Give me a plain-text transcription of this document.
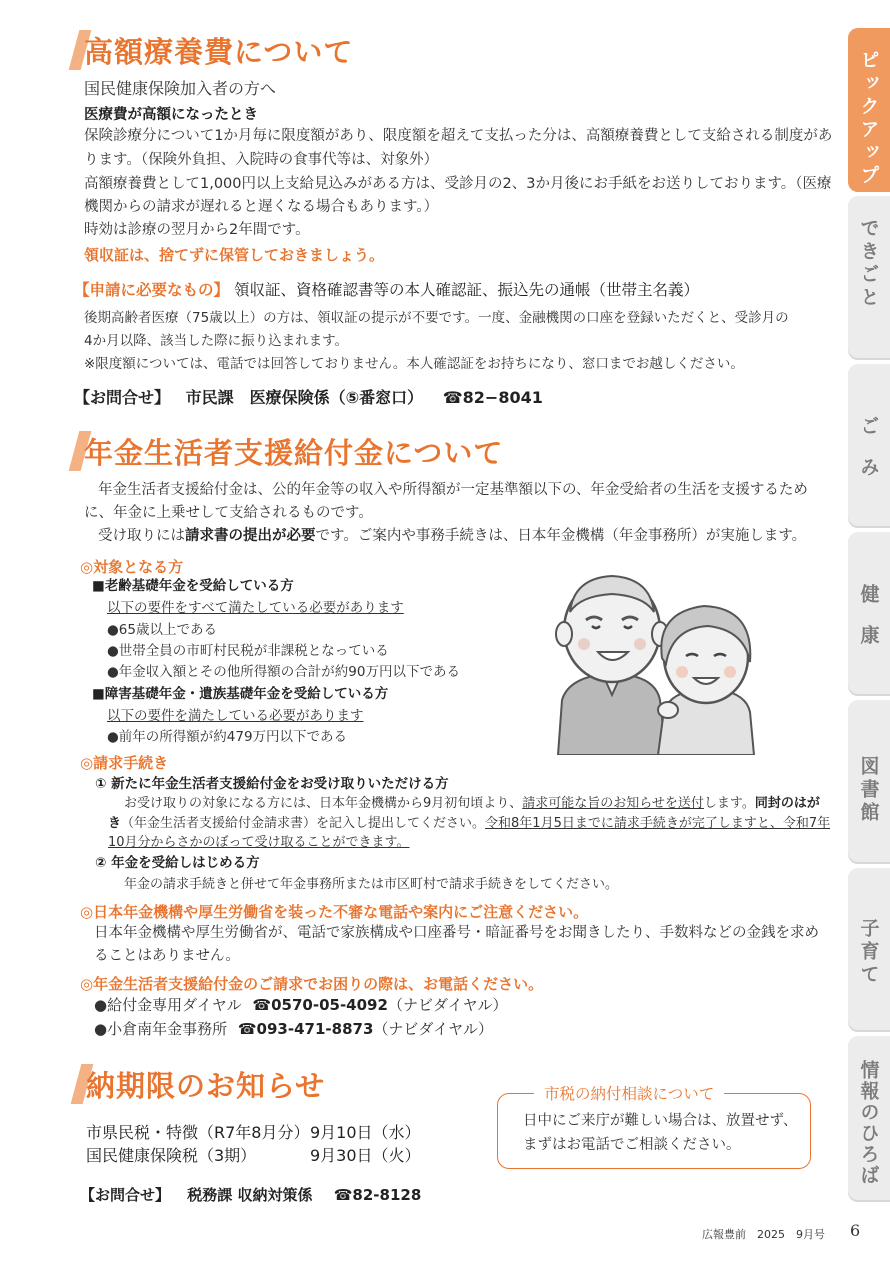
高額療養費について
国民健康保険加入者の方へ
医療費が高額になったとき
保険診療分について1か月毎に限度額があり、限度額を超えて支払った分は、高額療養費として支給される制度があ
ります。（保険外負担、入院時の食事代等は、対象外）
高額療養費として1,000円以上支給見込みがある方は、受診月の2、3か月後にお手紙をお送りしております。（医療
機関からの請求が遅れると遅くなる場合もあります。）
時効は診療の翌月から2年間です。
領収証は、捨てずに保管しておきましょう。
【申請に必要なもの】 領収証、資格確認書等の本人確認証、振込先の通帳（世帯主名義）
後期高齢者医療（75歳以上）の方は、領収証の提示が不要です。一度、金融機関の口座を登録いただくと、受診月の
4か月以降、該当した際に振り込まれます。
※限度額については、電話では回答しておりません。本人確認証をお持ちになり、窓口までお越しください。
【お問合せ】 市民課　医療保険係（⑤番窓口） ☎82−8041
年金生活者支援給付金について
年金生活者支援給付金は、公的年金等の収入や所得額が一定基準額以下の、年金受給者の生活を支援するため
に、年金に上乗せして支給されるものです。
受け取りには請求書の提出が必要です。ご案内や事務手続きは、日本年金機構（年金事務所）が実施します。
◎対象となる方
■老齢基礎年金を受給している方
以下の要件をすべて満たしている必要があります
●65歳以上である
●世帯全員の市町村民税が非課税となっている
●年金収入額とその他所得額の合計が約90万円以下である
■障害基礎年金・遺族基礎年金を受給している方
以下の要件を満たしている必要があります
●前年の所得額が約479万円以下である
◎請求手続き
① 新たに年金生活者支援給付金をお受け取りいただける方
お受け取りの対象になる方には、日本年金機構から9月初旬頃より、請求可能な旨のお知らせを送付します。同封のはが
き（年金生活者支援給付金請求書）を記入し提出してください。令和8年1月5日までに請求手続きが完了しますと、令和7年
10月分からさかのぼって受け取ることができます。
② 年金を受給しはじめる方
年金の請求手続きと併せて年金事務所または市区町村で請求手続きをしてください。
◎日本年金機構や厚生労働省を装った不審な電話や案内にご注意ください。
日本年金機構や厚生労働省が、電話で家族構成や口座番号・暗証番号をお聞きしたり、手数料などの金銭を求め
ることはありません。
◎年金生活者支援給付金のご請求でお困りの際は、お電話ください。
●給付金専用ダイヤル ☎0570-05-4092（ナビダイヤル）
●小倉南年金事務所 ☎093-471-8873（ナビダイヤル）
納期限のお知らせ
市県民税・特徴（R7年8月分） 9月10日（水）
国民健康保険税（3期）	9月30日（火）
【お問合せ】 税務課 収納対策係 ☎82-8128
市税の納付相談について
日中にご来庁が難しい場合は、放置せず、
まずはお電話でご相談ください。
ピックアップ
できごと
ごみ
健康
図書館
子育て
情報のひろば
広報豊前　2025　9月号 6
